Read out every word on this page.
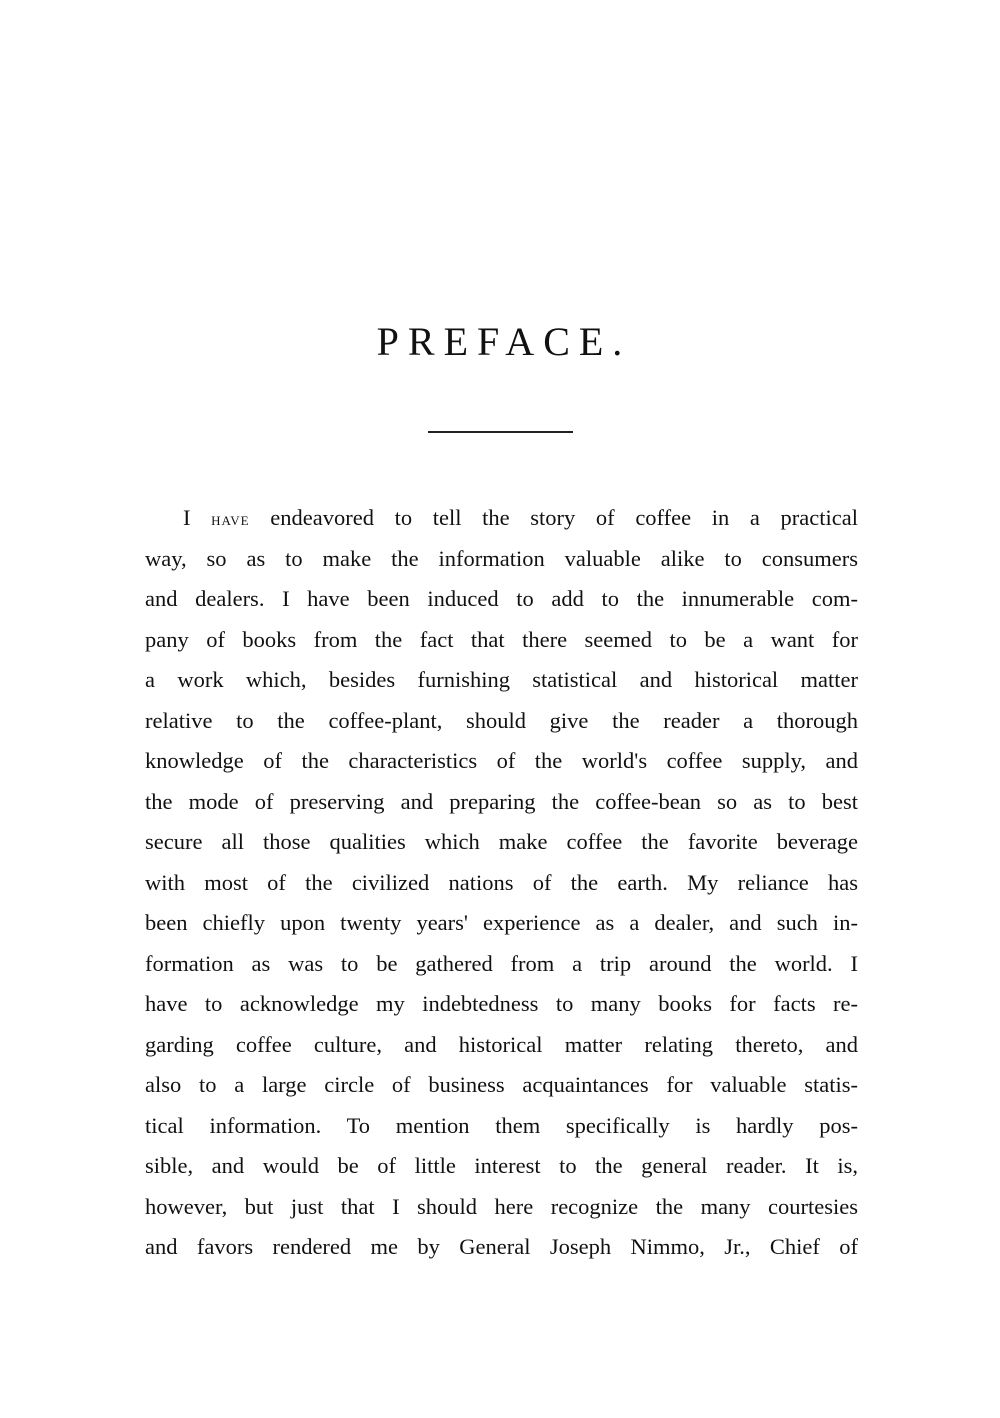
PREFACE.
I have endeavored to tell the story of coffee in a practical
way, so as to make the information valuable alike to consumers
and dealers. I have been induced to add to the innumerable com-
pany of books from the fact that there seemed to be a want for
a work which, besides furnishing statistical and historical matter
relative to the coffee-plant, should give the reader a thorough
knowledge of the characteristics of the world's coffee supply, and
the mode of preserving and preparing the coffee-bean so as to best
secure all those qualities which make coffee the favorite beverage
with most of the civilized nations of the earth. My reliance has
been chiefly upon twenty years' experience as a dealer, and such in-
formation as was to be gathered from a trip around the world. I
have to acknowledge my indebtedness to many books for facts re-
garding coffee culture, and historical matter relating thereto, and
also to a large circle of business acquaintances for valuable statis-
tical information. To mention them specifically is hardly pos-
sible, and would be of little interest to the general reader. It is,
however, but just that I should here recognize the many courtesies
and favors rendered me by General Joseph Nimmo, Jr., Chief of
